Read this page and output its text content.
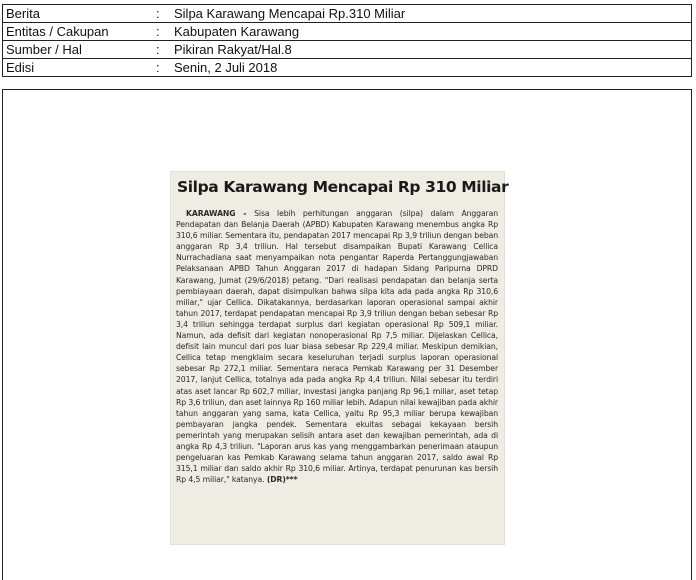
Berita	: Silpa Karawang Mencapai Rp.310 Miliar
Entitas / Cakupan	: Kabupaten Karawang
Sumber / Hal	: Pikiran Rakyat/Hal.8
Edisi	: Senin, 2 Juli 2018
Silpa Karawang Mencapai Rp 310 Miliar
KARAWANG - Sisa lebih perhitungan anggaran (silpa) dalam Anggaran Pendapatan dan Belanja Daerah (APBD) Kabupaten Karawang menembus angka Rp 310,6 miliar. Sementara itu, pendapatan 2017 mencapai Rp 3,9 triliun dengan beban anggaran Rp 3,4 triliun. Hal tersebut disampaikan Bupati Karawang Cellica Nurrachadiana saat menyampaikan nota pengantar Raperda Pertanggungjawaban Pelaksanaan APBD Tahun Anggaran 2017 di hadapan Sidang Paripurna DPRD Karawang, Jumat (29/6/2018) petang. "Dari realisasi pendapatan dan belanja serta pembiayaan daerah, dapat disimpulkan bahwa silpa kita ada pada angka Rp 310,6 miliar," ujar Cellica. Dikatakannya, berdasarkan laporan operasional sampai akhir tahun 2017, terdapat pendapatan mencapai Rp 3,9 triliun dengan beban sebesar Rp 3,4 triliun sehingga terdapat surplus dari kegiatan operasional Rp 509,1 miliar. Namun, ada defisit dari kegiatan nonoperasional Rp 7,5 miliar. Dijelaskan Cellica, defisit lain muncul dari pos luar biasa sebesar Rp 229,4 miliar. Meskipun demikian, Cellica tetap mengklaim secara keseluruhan terjadi surplus laporan operasional sebesar Rp 272,1 miliar. Sementara neraca Pemkab Karawang per 31 Desember 2017, lanjut Cellica, totalnya ada pada angka Rp 4,4 triliun. Nilai sebesar itu terdiri atas aset lancar Rp 602,7 miliar, investasi jangka panjang Rp 96,1 miliar, aset tetap Rp 3,6 triliun, dan aset lainnya Rp 160 miliar lebih. Adapun nilai kewajiban pada akhir tahun anggaran yang sama, kata Cellica, yaitu Rp 95,3 miliar berupa kewajiban pembayaran jangka pendek. Sementara ekuitas sebagai kekayaan bersih pemerintah yang merupakan selisih antara aset dan kewajiban pemerintah, ada di angka Rp 4,3 triliun. "Laporan arus kas yang menggambarkan penerimaan ataupun pengeluaran kas Pemkab Karawang selama tahun anggaran 2017, saldo awal Rp 315,1 miliar dan saldo akhir Rp 310,6 miliar. Artinya, terdapat penurunan kas bersih Rp 4,5 miliar," katanya. (DR)***
